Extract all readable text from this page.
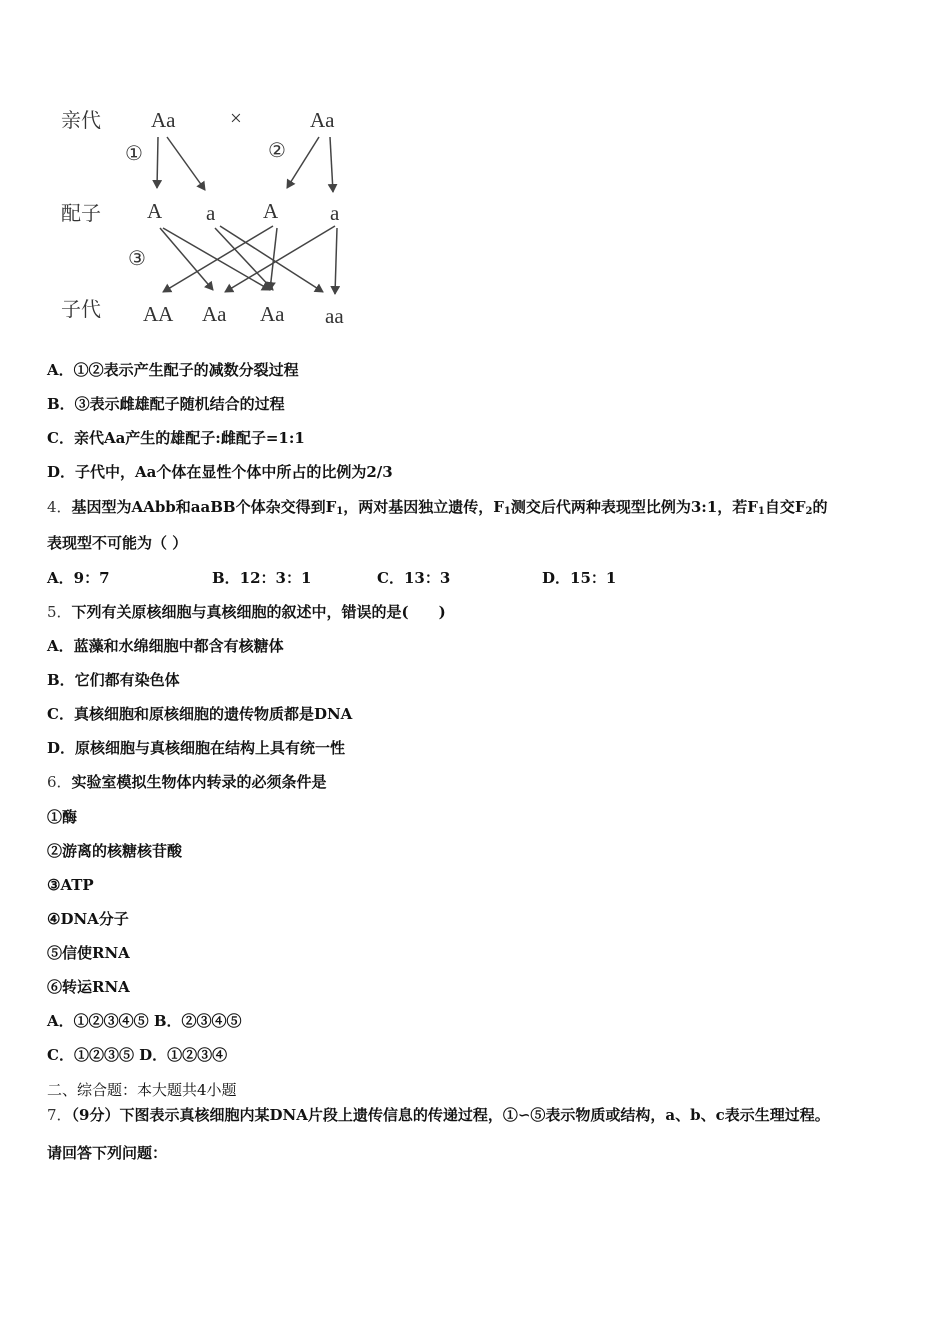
亲代
配子
子代
Aa	×	Aa
①	②
③
A a A a
AA Aa Aa aa
A．①②表示产生配子的减数分裂过程
B．③表示雌雄配子随机结合的过程
C．亲代Aa产生的雄配子:雌配子=1:1
D．子代中，Aa个体在显性个体中所占的比例为2/3
4．基因型为AAbb和aaBB个体杂交得到$F_1$，两对基因独立遗传，$F_1$测交后代两种表现型比例为3:1，若$F_1$自交$F_2$的
表现型不可能为（ ）
A．9：7	B．12：3：1	C．13：3	D．15：1
5．下列有关原核细胞与真核细胞的叙述中，错误的是(　　)
A．蓝藻和水绵细胞中都含有核糖体
B．它们都有染色体
C．真核细胞和原核细胞的遗传物质都是DNA
D．原核细胞与真核细胞在结构上具有统一性
6．实验室模拟生物体内转录的必须条件是
①酶
②游离的核糖核苷酸
③ATP
④DNA分子
⑤信使RNA
⑥转运RNA
A．①②③④⑤ B．②③④⑤
C．①②③⑤ D．①②③④
二、综合题：本大题共4小题
7．（9分）下图表示真核细胞内某DNA片段上遗传信息的传递过程，①∽⑤表示物质或结构，a、b、c表示生理过程。
请回答下列问题：
